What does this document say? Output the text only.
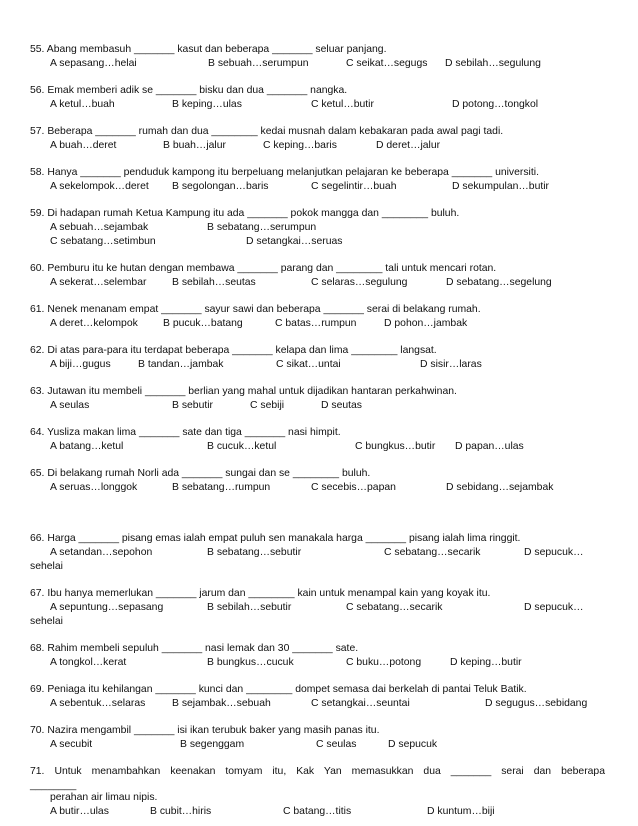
55. Abang membasuh _______ kasut dan beberapa _______ seluar panjang.
A sepasang…helai	B sebuah…serumpun	C seikat…segugs D sebilah…segulung
56. Emak memberi adik se _______ bisku dan dua _______ nangka.
A ketul…buah	B keping…ulas	C ketul…butir	D potong…tongkol
57. Beberapa _______ rumah dan dua ________ kedai musnah dalam kebakaran pada awal pagi tadi.
A buah…deret	B buah…jalur	C keping…baris	D deret…jalur
58. Hanya _______ penduduk kampong itu berpeluang melanjutkan pelajaran ke beberapa _______ universiti.
A sekelompok…deret B segolongan…baris	C segelintir…buah	D sekumpulan…butir
59. Di hadapan rumah Ketua Kampung itu ada _______ pokok mangga dan ________ buluh.
A sebuah…sejambak	B sebatang…serumpun
C sebatang…setimbun	D setangkai…seruas
60. Pemburu itu ke hutan dengan membawa _______ parang dan ________ tali untuk mencari rotan.
A sekerat…selembar B sebilah…seutas	C selaras…segulung	D sebatang…segelung
61. Nenek menanam empat _______ sayur sawi dan beberapa _______ serai di belakang rumah.
A deret…kelompok B pucuk…batang	C batas…rumpun	D pohon…jambak
62. Di atas para-para itu terdapat beberapa _______ kelapa dan lima ________ langsat.
A biji…gugus	B tandan…jambak	C sikat…untai	D sisir…laras
63. Jutawan itu membeli _______ berlian yang mahal untuk dijadikan hantaran perkahwinan.
A seulas	B sebutir	C sebiji	D seutas
64. Yusliza makan lima _______ sate dan tiga _______ nasi himpit.
A batang…ketul	B cucuk…ketul	C bungkus…butir D papan…ulas
65. Di belakang rumah Norli ada _______ sungai dan se ________ buluh.
A seruas…longgok	B sebatang…rumpun	C secebis…papan	D sebidang…sejambak
66. Harga _______ pisang emas ialah empat puluh sen manakala harga _______ pisang ialah lima ringgit.
A setandan…sepohon	B sebatang…sebutir	C sebatang…secarik	D sepucuk…
sehelai
67. Ibu hanya memerlukan _______ jarum dan ________ kain untuk menampal kain yang koyak itu.
A sepuntung…sepasang	B sebilah…sebutir	C sebatang…secarik	D sepucuk…
sehelai
68. Rahim membeli sepuluh _______ nasi lemak dan 30 _______ sate.
A tongkol…kerat	B bungkus…cucuk	C buku…potong	D keping…butir
69. Peniaga itu kehilangan _______ kunci dan ________ dompet semasa dai berkelah di pantai Teluk Batik.
A sebentuk…selaras	B sejambak…sebuah	C setangkai…seuntai	D segugus…sebidang
70. Nazira mengambil _______ isi ikan terubuk baker yang masih panas itu.
A secubit	B segenggam	C seulas	D sepucuk
71. Untuk menambahkan keenakan tomyam itu, Kak Yan memasukkan dua _______ serai dan beberapa
________
perahan air limau nipis.
A butir…ulas	B cubit…hiris	C batang…titis	D kuntum…biji
